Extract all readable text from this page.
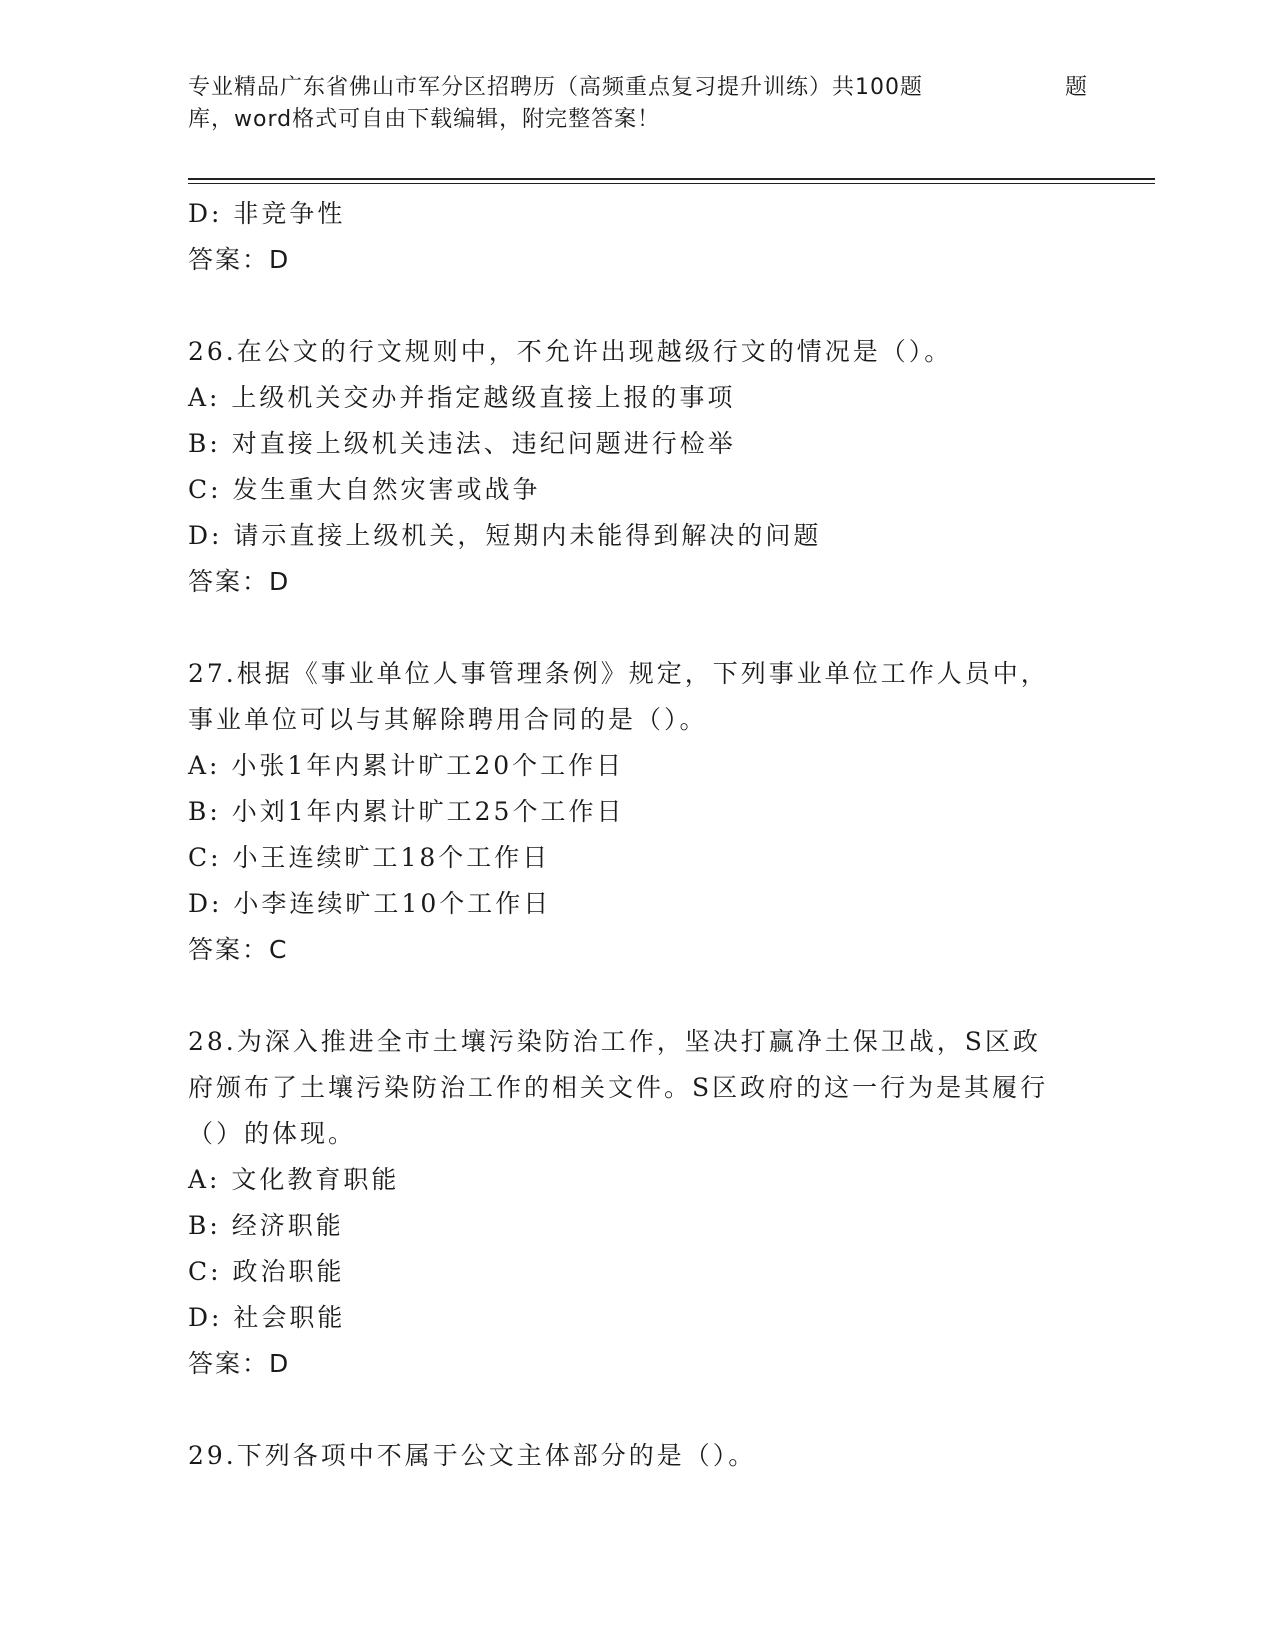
专业精品广东省佛山市军分区招聘历（高频重点复习提升训练）共100题	题
库，word格式可自由下载编辑，附完整答案！
D: 非竞争性
答案：D
26.在公文的行文规则中，不允许出现越级行文的情况是（）。
A: 上级机关交办并指定越级直接上报的事项
B: 对直接上级机关违法、违纪问题进行检举
C: 发生重大自然灾害或战争
D: 请示直接上级机关，短期内未能得到解决的问题
答案：D
27.根据《事业单位人事管理条例》规定，下列事业单位工作人员中，
事业单位可以与其解除聘用合同的是（）。
A: 小张1年内累计旷工20个工作日
B: 小刘1年内累计旷工25个工作日
C: 小王连续旷工18个工作日
D: 小李连续旷工10个工作日
答案：C
28.为深入推进全市土壤污染防治工作，坚决打赢净土保卫战，S区政
府颁布了土壤污染防治工作的相关文件。S区政府的这一行为是其履行
（）的体现。
A: 文化教育职能
B: 经济职能
C: 政治职能
D: 社会职能
答案：D
29.下列各项中不属于公文主体部分的是（）。
